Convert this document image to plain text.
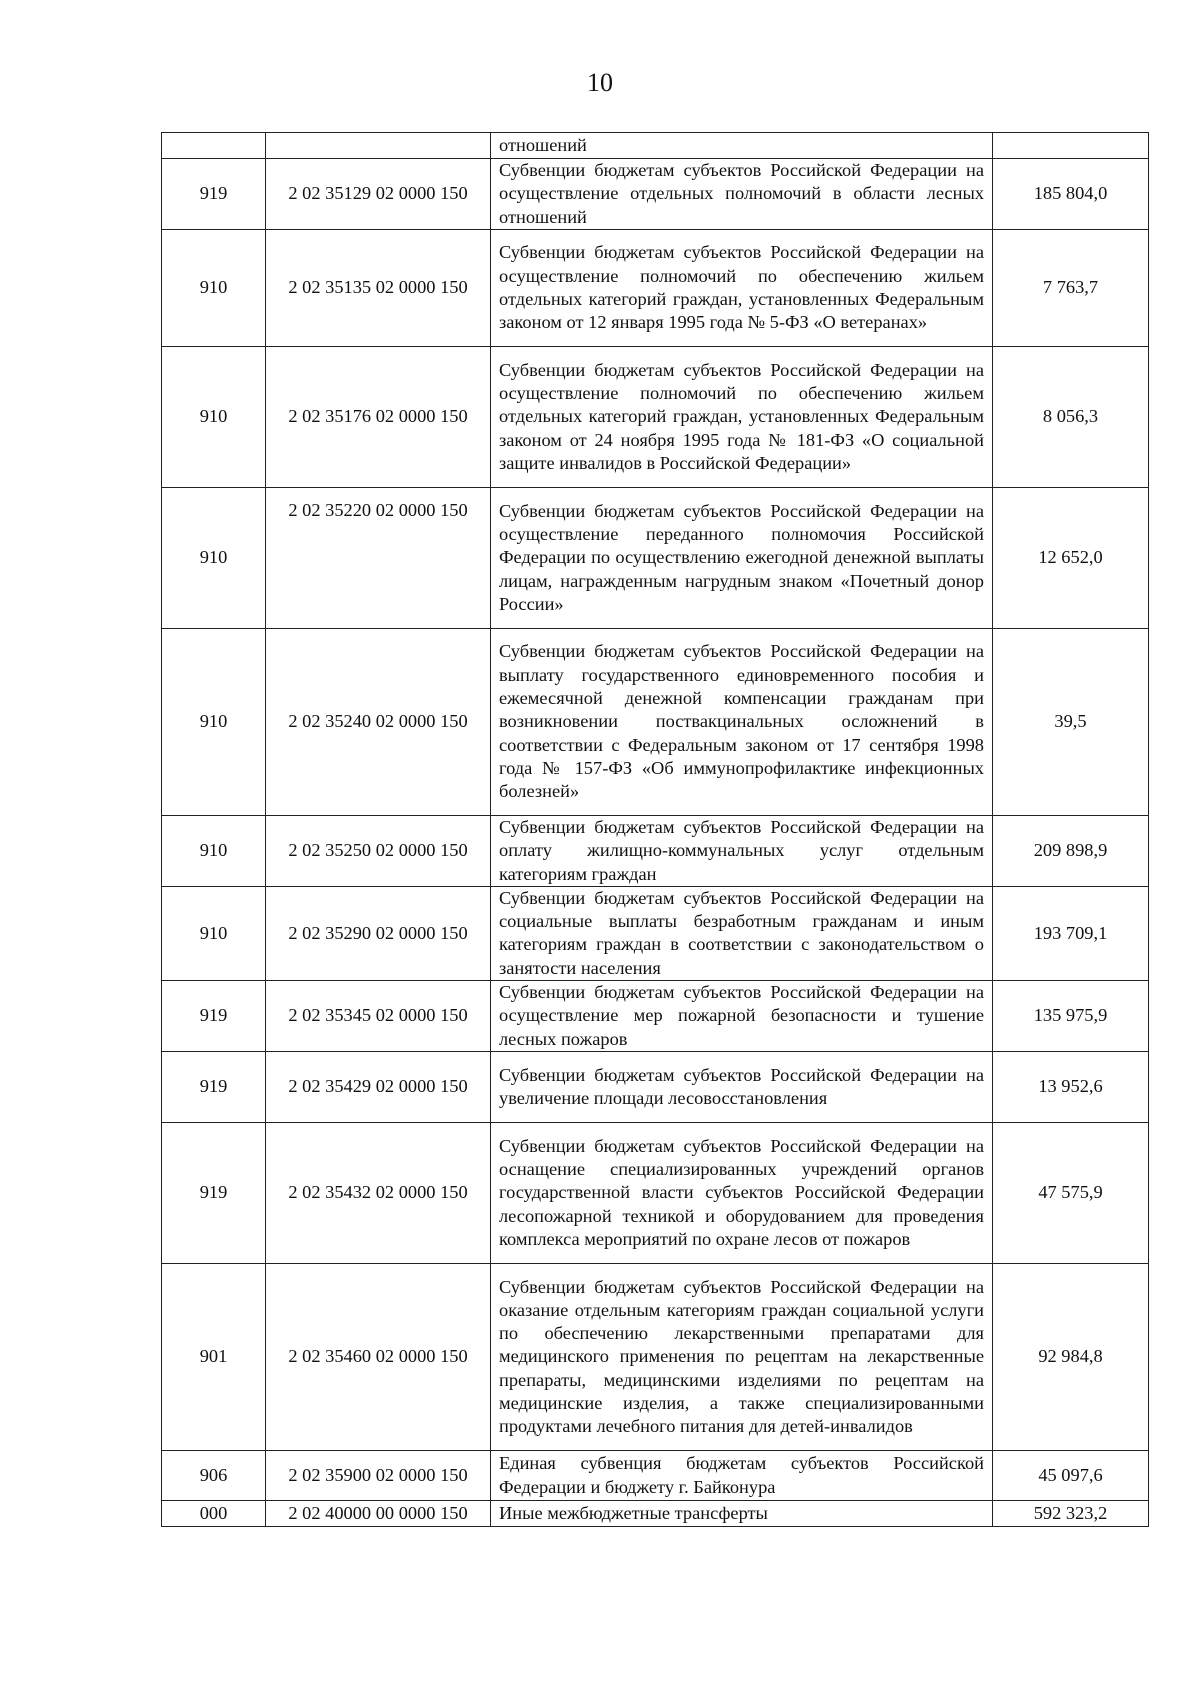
10
		отношений	
919	2 02 35129 02 0000 150	Субвенции бюджетам субъектов Российской Федерации на осуществление отдельных полномочий в области лесных отношений	185 804,0
910	2 02 35135 02 0000 150	Субвенции бюджетам субъектов Российской Федерации на осуществление полномочий по обеспечению жильем отдельных категорий граждан, установленных Федеральным законом от 12 января 1995 года № 5-ФЗ «О ветеранах»	7 763,7
910	2 02 35176 02 0000 150	Субвенции бюджетам субъектов Российской Федерации на осуществление полномочий по обеспечению жильем отдельных категорий граждан, установленных Федеральным законом от 24 ноября 1995 года № 181-ФЗ «О социальной защите инвалидов в Российской Федерации»	8 056,3
910	2 02 35220 02 0000 150	Субвенции бюджетам субъектов Российской Федерации на осуществление переданного полномочия Российской Федерации по осуществлению ежегодной денежной выплаты лицам, награжденным нагрудным знаком «Почетный донор России»	12 652,0
910	2 02 35240 02 0000 150	Субвенции бюджетам субъектов Российской Федерации на выплату государственного единовременного пособия и ежемесячной денежной компенсации гражданам при возникновении поствакцинальных осложнений в соответствии с Федеральным законом от 17 сентября 1998 года № 157-ФЗ «Об иммунопрофилактике инфекционных болезней»	39,5
910	2 02 35250 02 0000 150	Субвенции бюджетам субъектов Российской Федерации на оплату жилищно-коммунальных услуг отдельным категориям граждан	209 898,9
910	2 02 35290 02 0000 150	Субвенции бюджетам субъектов Российской Федерации на социальные выплаты безработным гражданам и иным категориям граждан в соответствии с законодательством о занятости населения	193 709,1
919	2 02 35345 02 0000 150	Субвенции бюджетам субъектов Российской Федерации на осуществление мер пожарной безопасности и тушение лесных пожаров	135 975,9
919	2 02 35429 02 0000 150	Субвенции бюджетам субъектов Российской Федерации на увеличение площади лесовосстановления	13 952,6
919	2 02 35432 02 0000 150	Субвенции бюджетам субъектов Российской Федерации на оснащение специализированных учреждений органов государственной власти субъектов Российской Федерации лесопожарной техникой и оборудованием для проведения комплекса мероприятий по охране лесов от пожаров	47 575,9
901	2 02 35460 02 0000 150	Субвенции бюджетам субъектов Российской Федерации на оказание отдельным категориям граждан социальной услуги по обеспечению лекарственными препаратами для медицинского применения по рецептам на лекарственные препараты, медицинскими изделиями по рецептам на медицинские изделия, а также специализированными продуктами лечебного питания для детей-инвалидов	92 984,8
906	2 02 35900 02 0000 150	Единая субвенция бюджетам субъектов Российской Федерации и бюджету г. Байконура	45 097,6
000	2 02 40000 00 0000 150	Иные межбюджетные трансферты	592 323,2
